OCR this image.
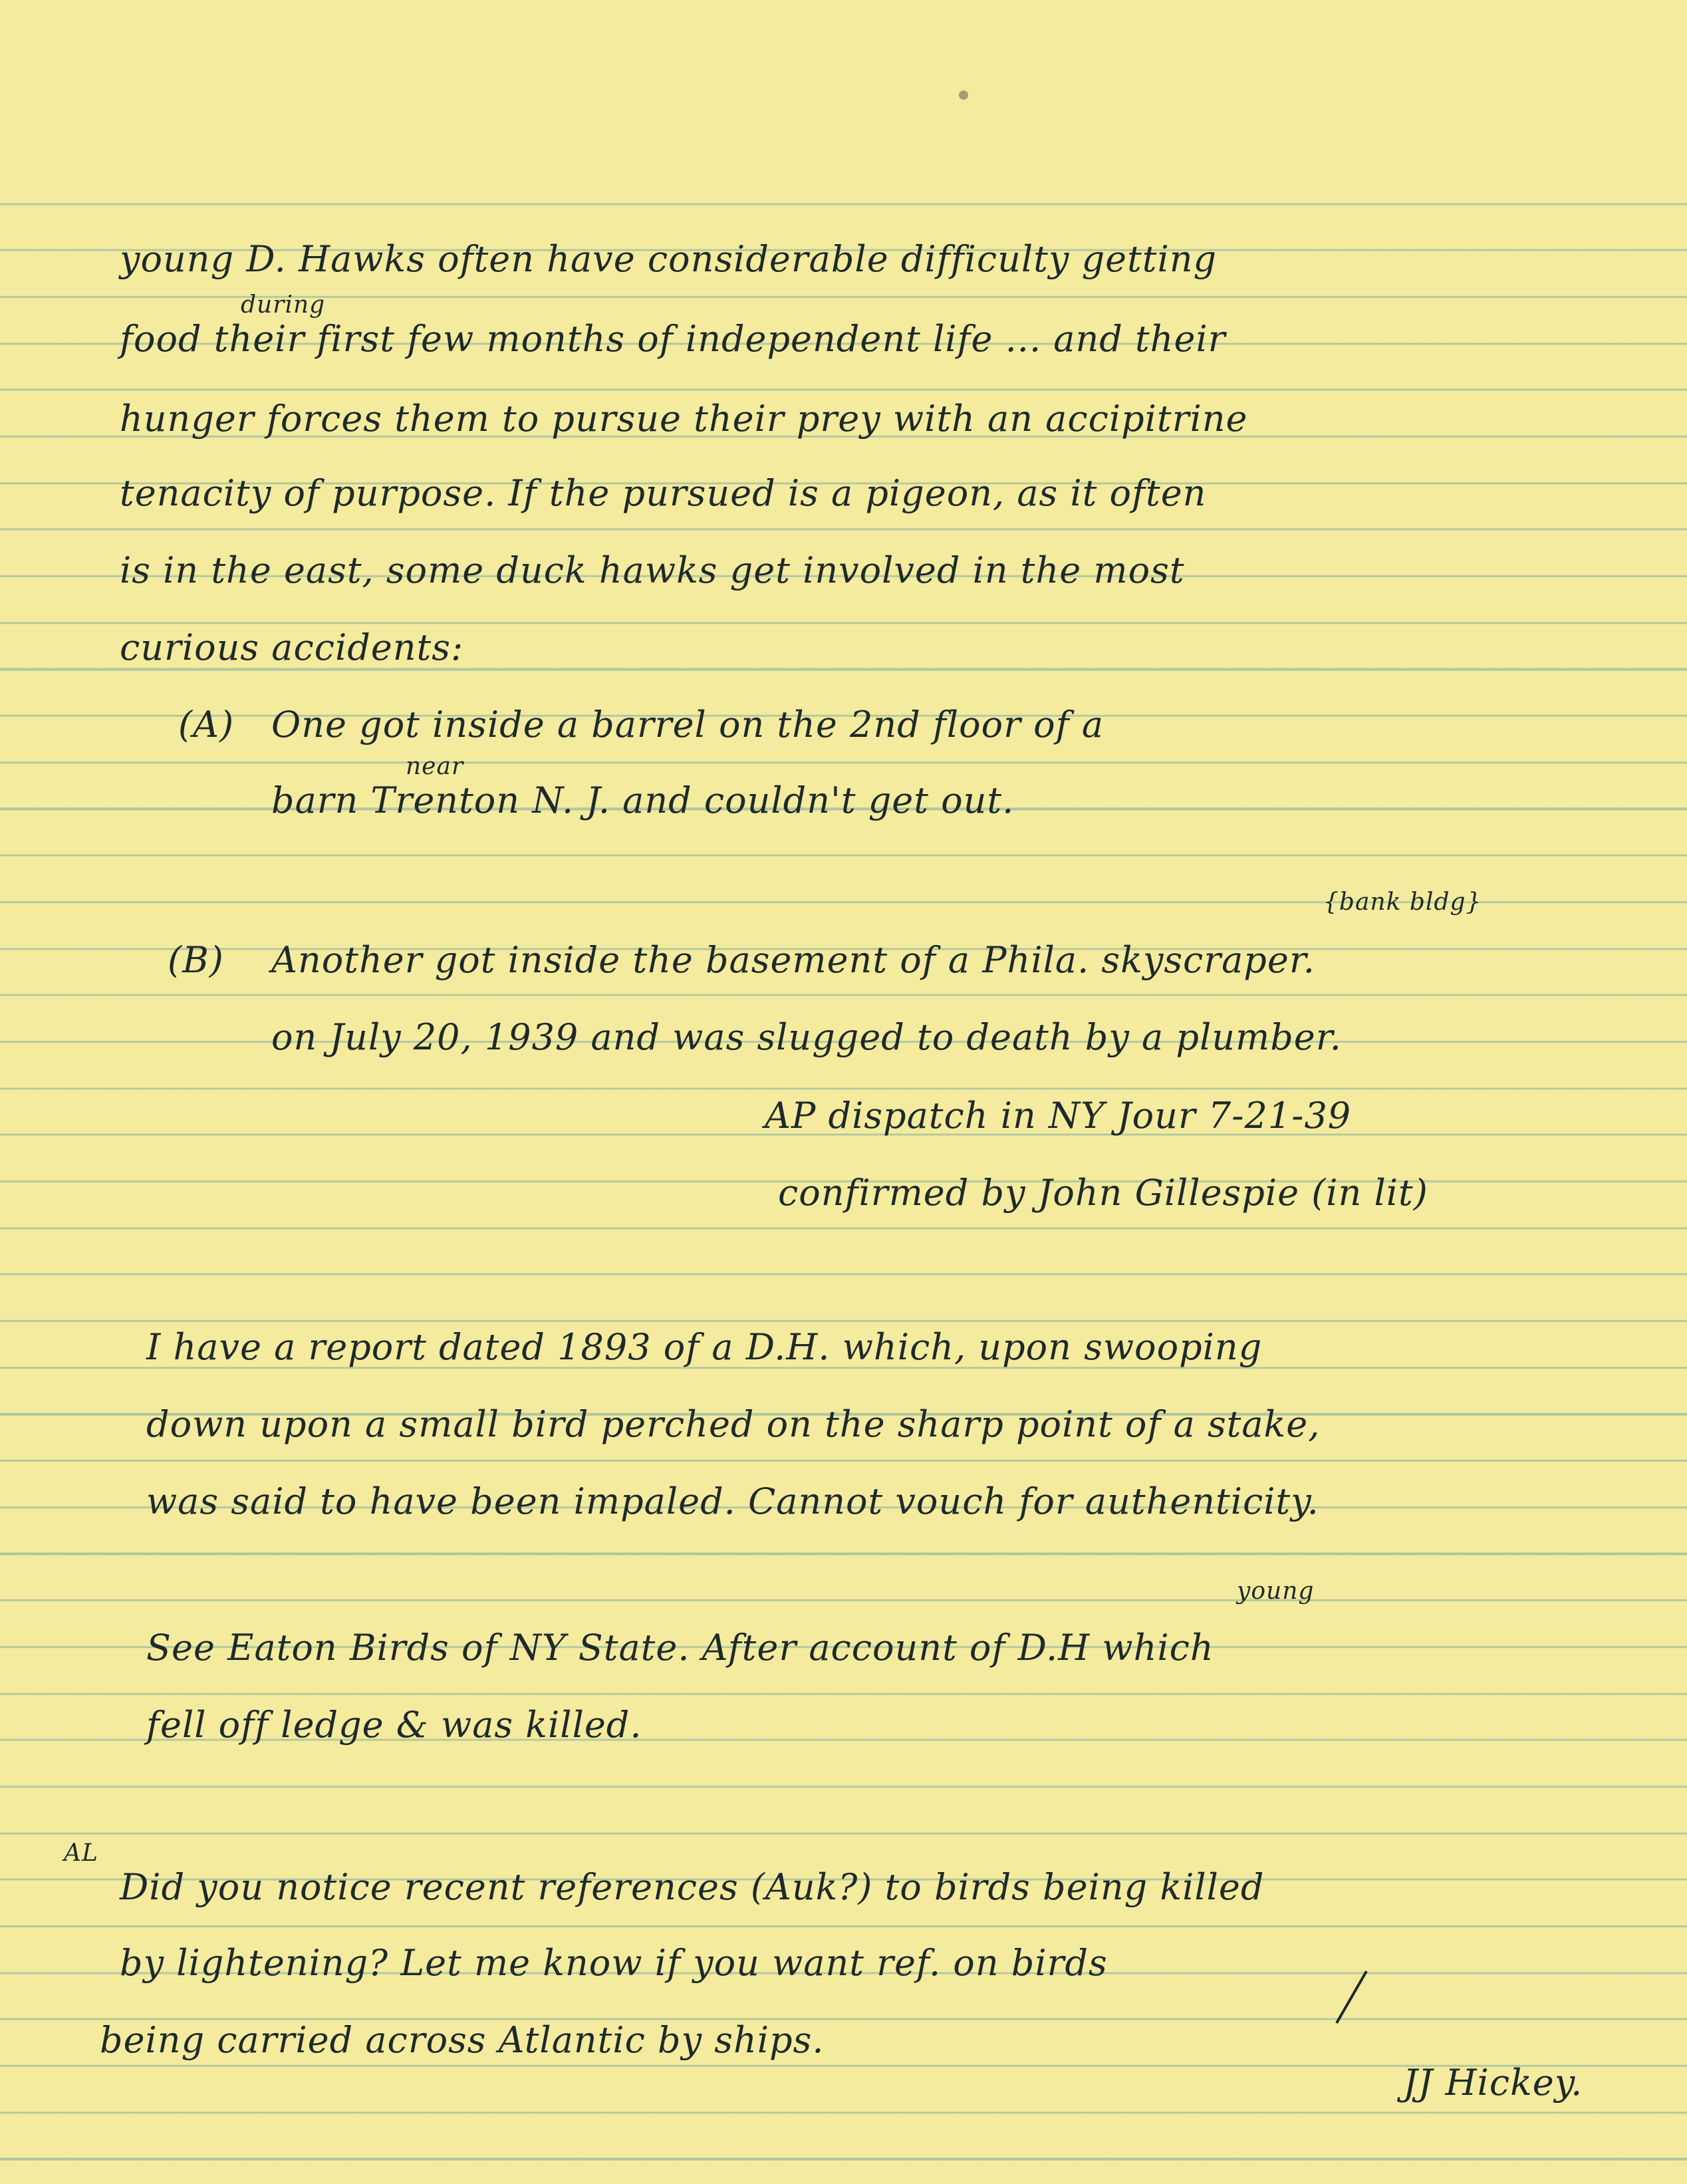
young D. Hawks often have considerable difficulty getting
during
food their first few months of independent life ... and their
hunger forces them to pursue their prey with an accipitrine
tenacity of purpose. If the pursued is a pigeon, as it often
is in the east, some duck hawks get involved in the most
curious accidents:
(A) One got inside a barrel on the 2nd floor of a
near
barn Trenton N. J. and couldn't get out.
{bank bldg}
(B) Another got inside the basement of a Phila. skyscraper.
on July 20, 1939 and was slugged to death by a plumber.
AP dispatch in NY Jour 7-21-39
confirmed by John Gillespie (in lit)
I have a report dated 1893 of a D.H. which, upon swooping
down upon a small bird perched on the sharp point of a stake,
was said to have been impaled. Cannot vouch for authenticity.
young
See Eaton Birds of NY State. After account of D.H which
fell off ledge & was killed.
AL
Did you notice recent references (Auk?) to birds being killed
by lightening? Let me know if you want ref. on birds
being carried across Atlantic by ships.
JJ Hickey.
